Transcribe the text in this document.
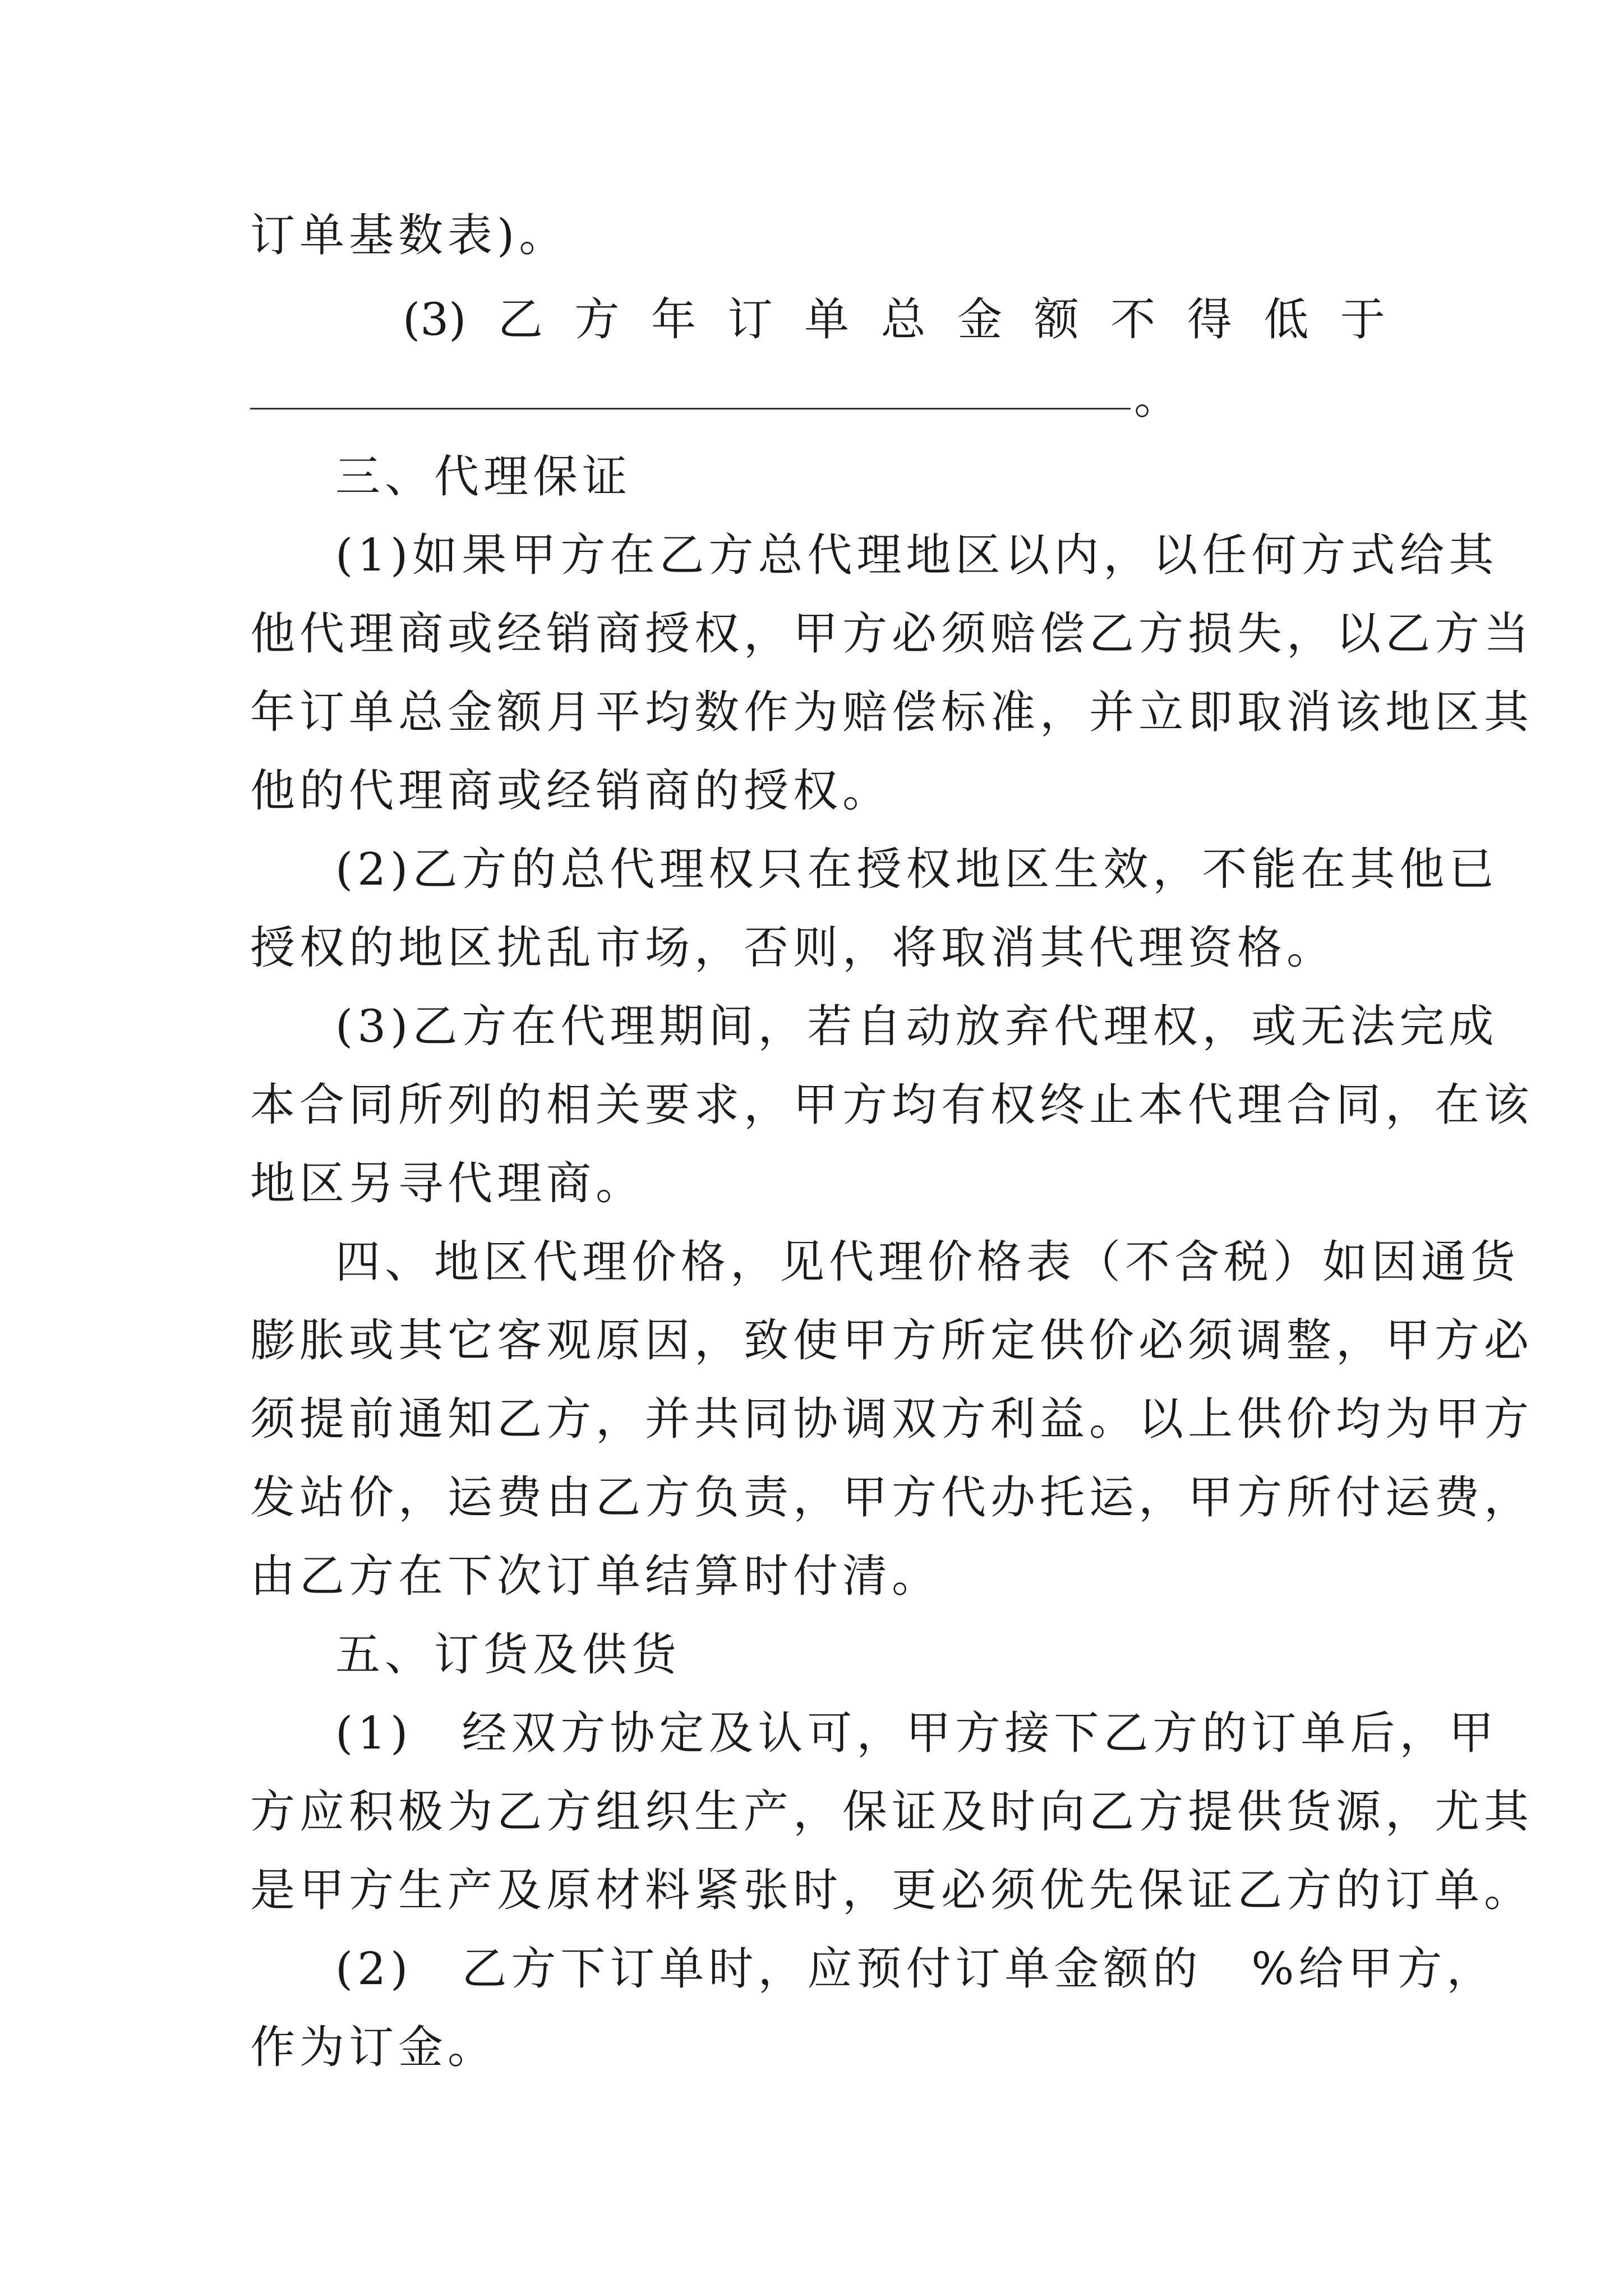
订单基数表)。

(3) 乙 方 年 订 单 总 金 额 不 得 低 于
。

三、代理保证

(1)如果甲方在乙方总代理地区以内，以任何方式给其

他代理商或经销商授权，甲方必须赔偿乙方损失，以乙方当

年订单总金额月平均数作为赔偿标准，并立即取消该地区其

他的代理商或经销商的授权。

(2)乙方的总代理权只在授权地区生效，不能在其他已

授权的地区扰乱市场，否则，将取消其代理资格。

(3)乙方在代理期间，若自动放弃代理权，或无法完成

本合同所列的相关要求，甲方均有权终止本代理合同，在该

地区另寻代理商。

四、地区代理价格，见代理价格表（不含税）如因通货

膨胀或其它客观原因，致使甲方所定供价必须调整，甲方必

须提前通知乙方，并共同协调双方利益。以上供价均为甲方

发站价，运费由乙方负责，甲方代办托运，甲方所付运费，

由乙方在下次订单结算时付清。

五、订货及供货

(1)　经双方协定及认可，甲方接下乙方的订单后，甲

方应积极为乙方组织生产，保证及时向乙方提供货源，尤其

是甲方生产及原材料紧张时，更必须优先保证乙方的订单。

(2)　乙方下订单时，应预付订单金额的　%给甲方，

作为订金。
